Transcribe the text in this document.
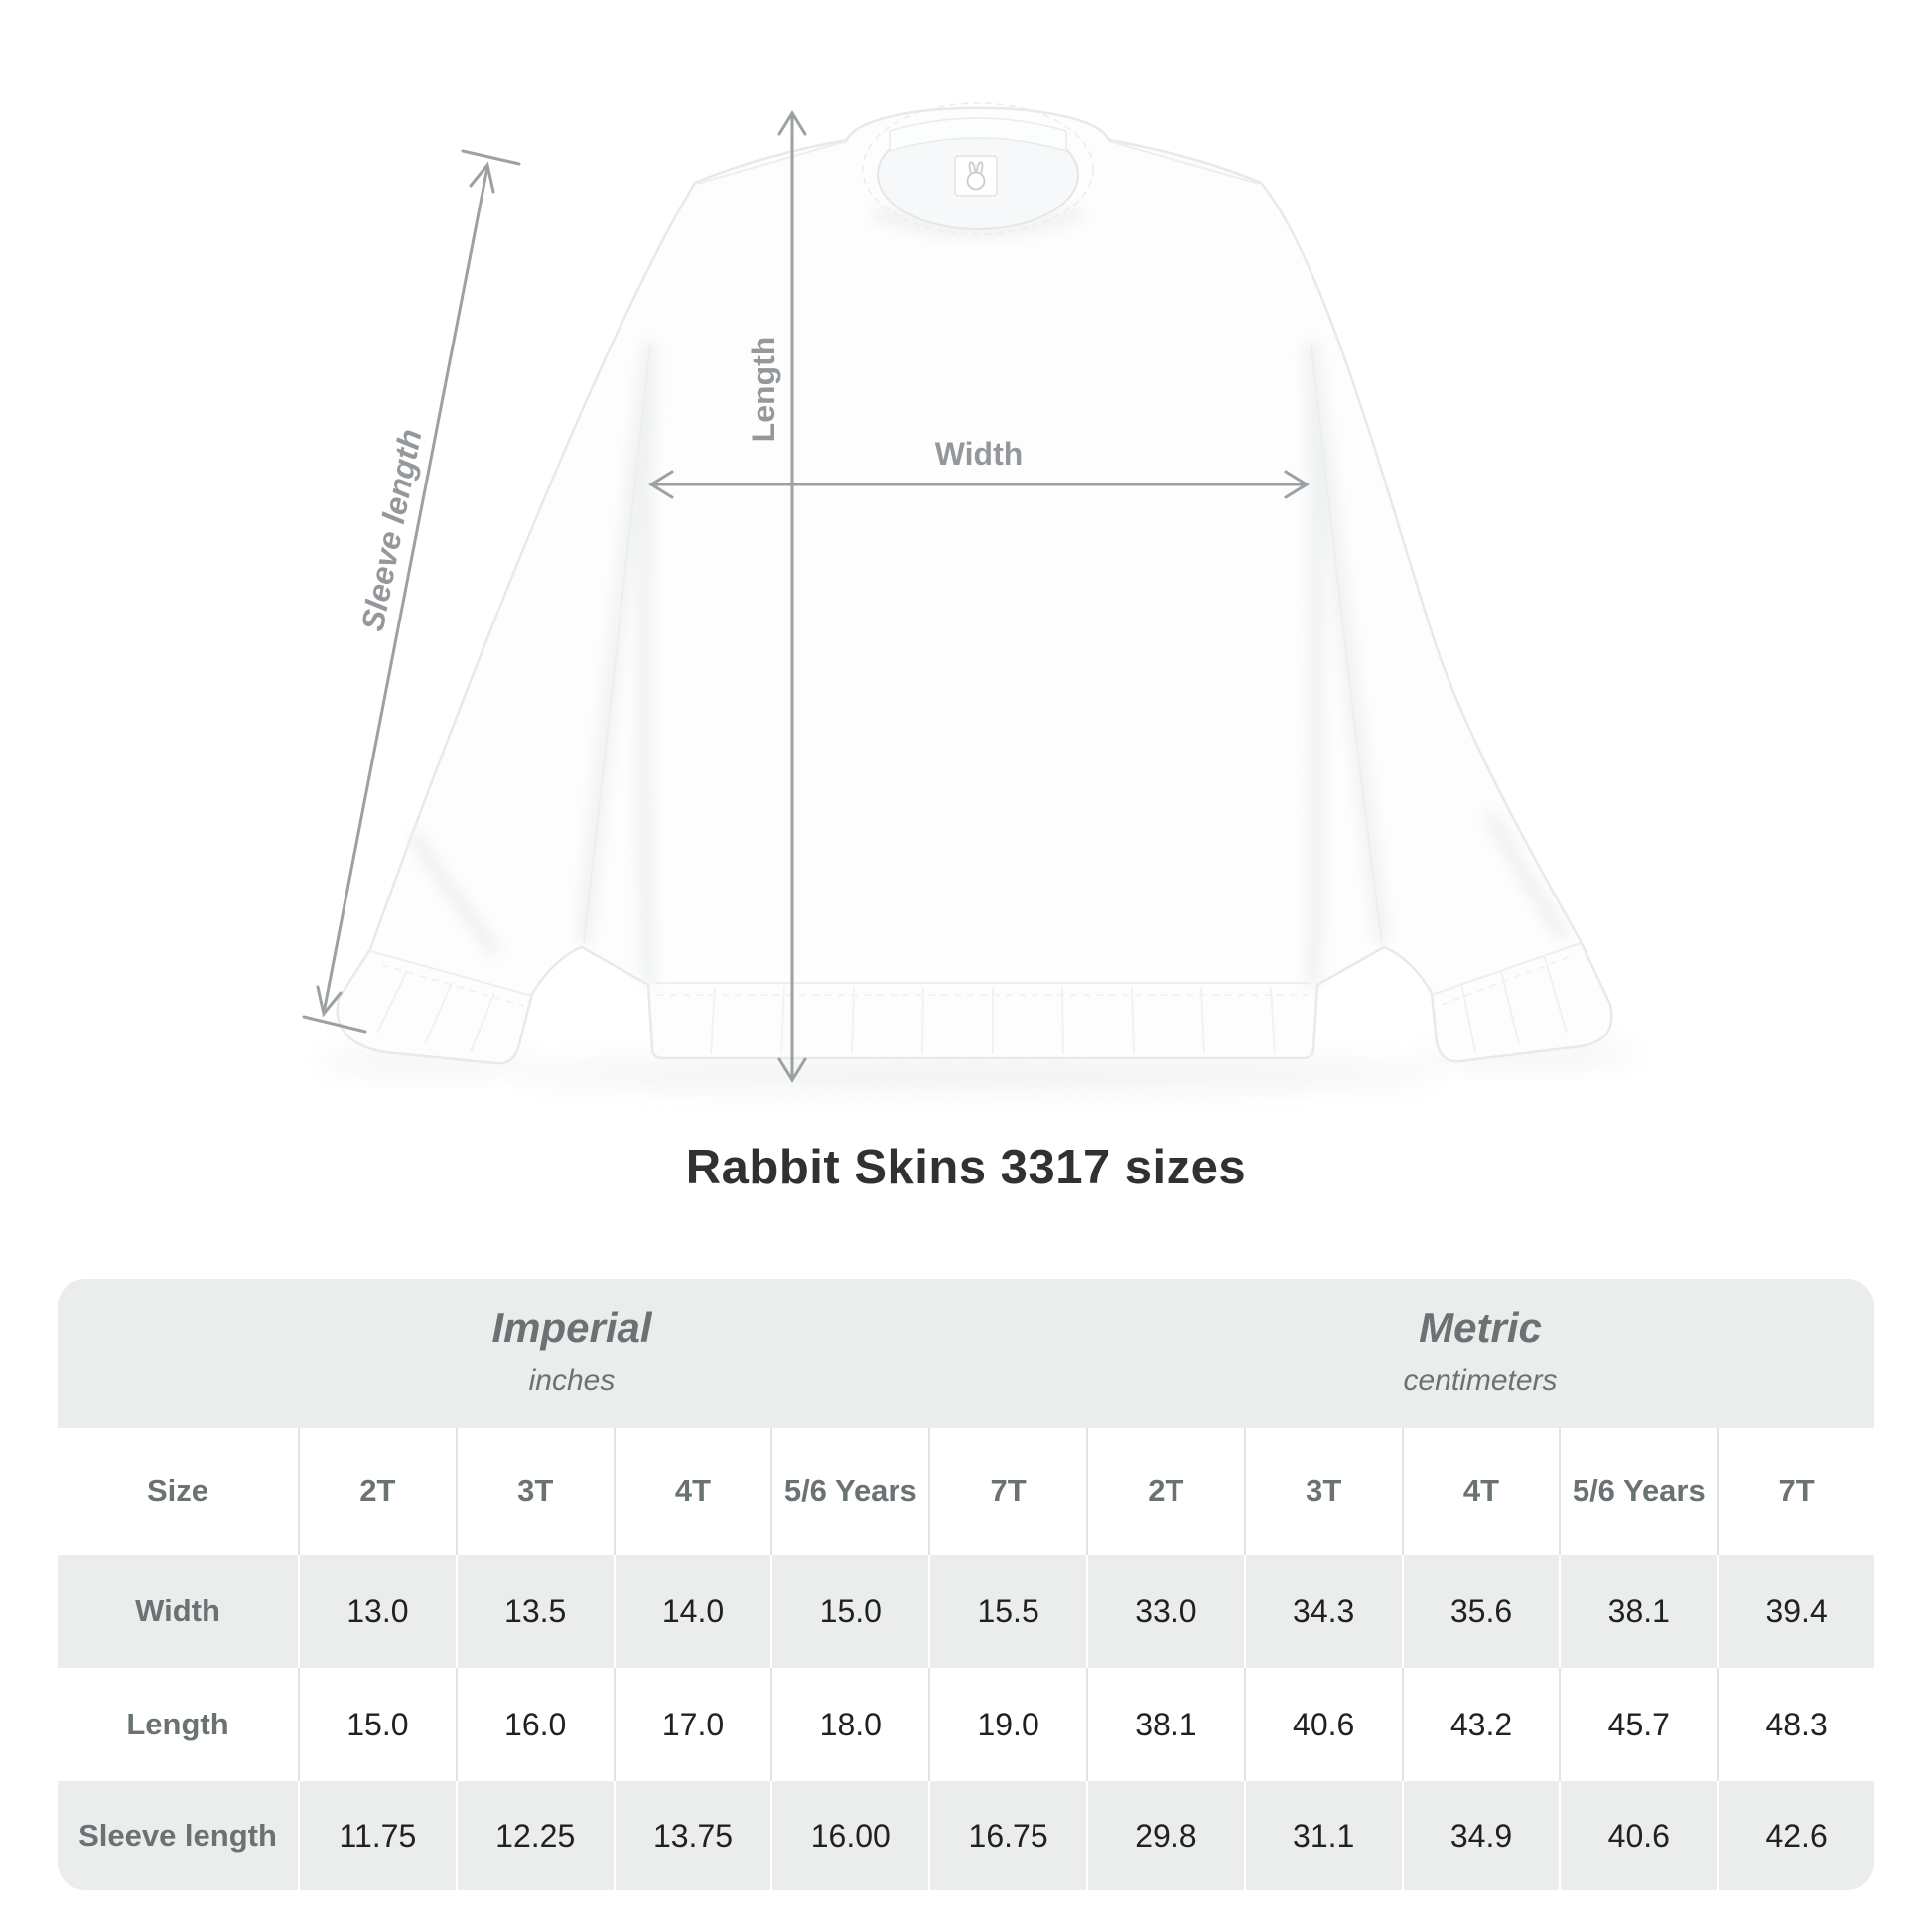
Width
Length
Sleeve length
Rabbit Skins 3317 sizes
Imperial
inches
Metric
centimeters
Size	2T	3T	4T	5/6 Years	7T	2T	3T	4T	5/6 Years	7T
Width	13.0	13.5	14.0	15.0	15.5	33.0	34.3	35.6	38.1	39.4
Length	15.0	16.0	17.0	18.0	19.0	38.1	40.6	43.2	45.7	48.3
Sleeve length	11.75	12.25	13.75	16.00	16.75	29.8	31.1	34.9	40.6	42.6
